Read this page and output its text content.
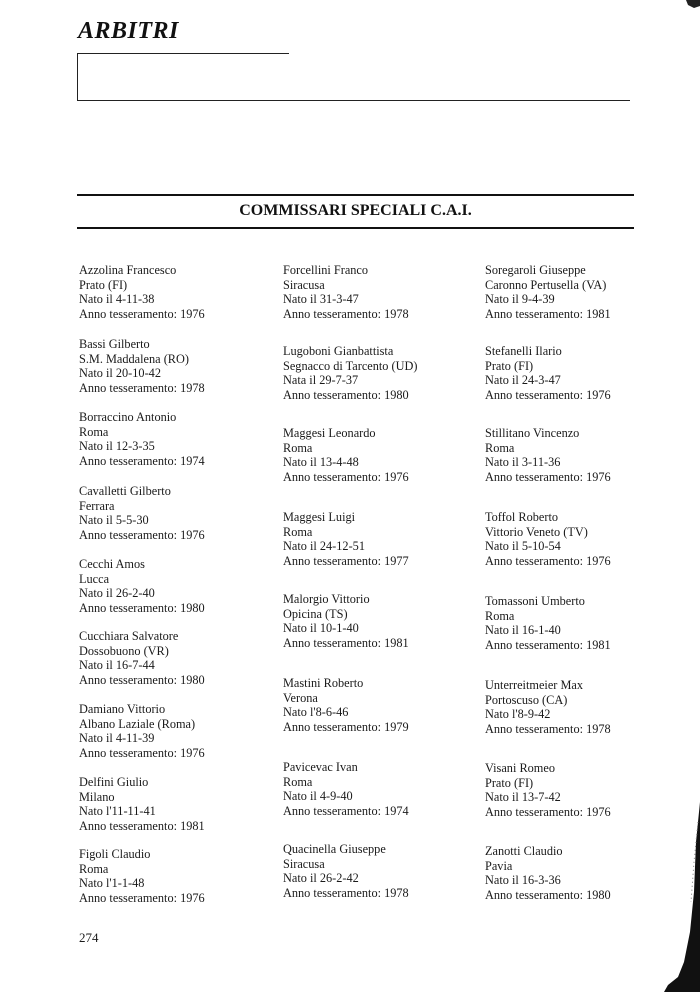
ARBITRI
COMMISSARI SPECIALI C.A.I.
Azzolina Francesco
Prato (FI)
Nato il 4-11-38
Anno tesseramento: 1976
Bassi Gilberto
S.M. Maddalena (RO)
Nato il 20-10-42
Anno tesseramento: 1978
Borraccino Antonio
Roma
Nato il 12-3-35
Anno tesseramento: 1974
Cavalletti Gilberto
Ferrara
Nato il 5-5-30
Anno tesseramento: 1976
Cecchi Amos
Lucca
Nato il 26-2-40
Anno tesseramento: 1980
Cucchiara Salvatore
Dossobuono (VR)
Nato il 16-7-44
Anno tesseramento: 1980
Damiano Vittorio
Albano Laziale (Roma)
Nato il 4-11-39
Anno tesseramento: 1976
Delfini Giulio
Milano
Nato l'11-11-41
Anno tesseramento: 1981
Figoli Claudio
Roma
Nato l'1-1-48
Anno tesseramento: 1976
Forcellini Franco
Siracusa
Nato il 31-3-47
Anno tesseramento: 1978
Lugoboni Gianbattista
Segnacco di Tarcento (UD)
Nata il 29-7-37
Anno tesseramento: 1980
Maggesi Leonardo
Roma
Nato il 13-4-48
Anno tesseramento: 1976
Maggesi Luigi
Roma
Nato il 24-12-51
Anno tesseramento: 1977
Malorgio Vittorio
Opicina (TS)
Nato il 10-1-40
Anno tesseramento: 1981
Mastini Roberto
Verona
Nato l'8-6-46
Anno tesseramento: 1979
Pavicevac Ivan
Roma
Nato il 4-9-40
Anno tesseramento: 1974
Quacinella Giuseppe
Siracusa
Nato il 26-2-42
Anno tesseramento: 1978
Soregaroli Giuseppe
Caronno Pertusella (VA)
Nato il 9-4-39
Anno tesseramento: 1981
Stefanelli Ilario
Prato (FI)
Nato il 24-3-47
Anno tesseramento: 1976
Stillitano Vincenzo
Roma
Nato il 3-11-36
Anno tesseramento: 1976
Toffol Roberto
Vittorio Veneto (TV)
Nato il 5-10-54
Anno tesseramento: 1976
Tomassoni Umberto
Roma
Nato il 16-1-40
Anno tesseramento: 1981
Unterreitmeier Max
Portoscuso (CA)
Nato l'8-9-42
Anno tesseramento: 1978
Visani Romeo
Prato (FI)
Nato il 13-7-42
Anno tesseramento: 1976
Zanotti Claudio
Pavia
Nato il 16-3-36
Anno tesseramento: 1980
274
